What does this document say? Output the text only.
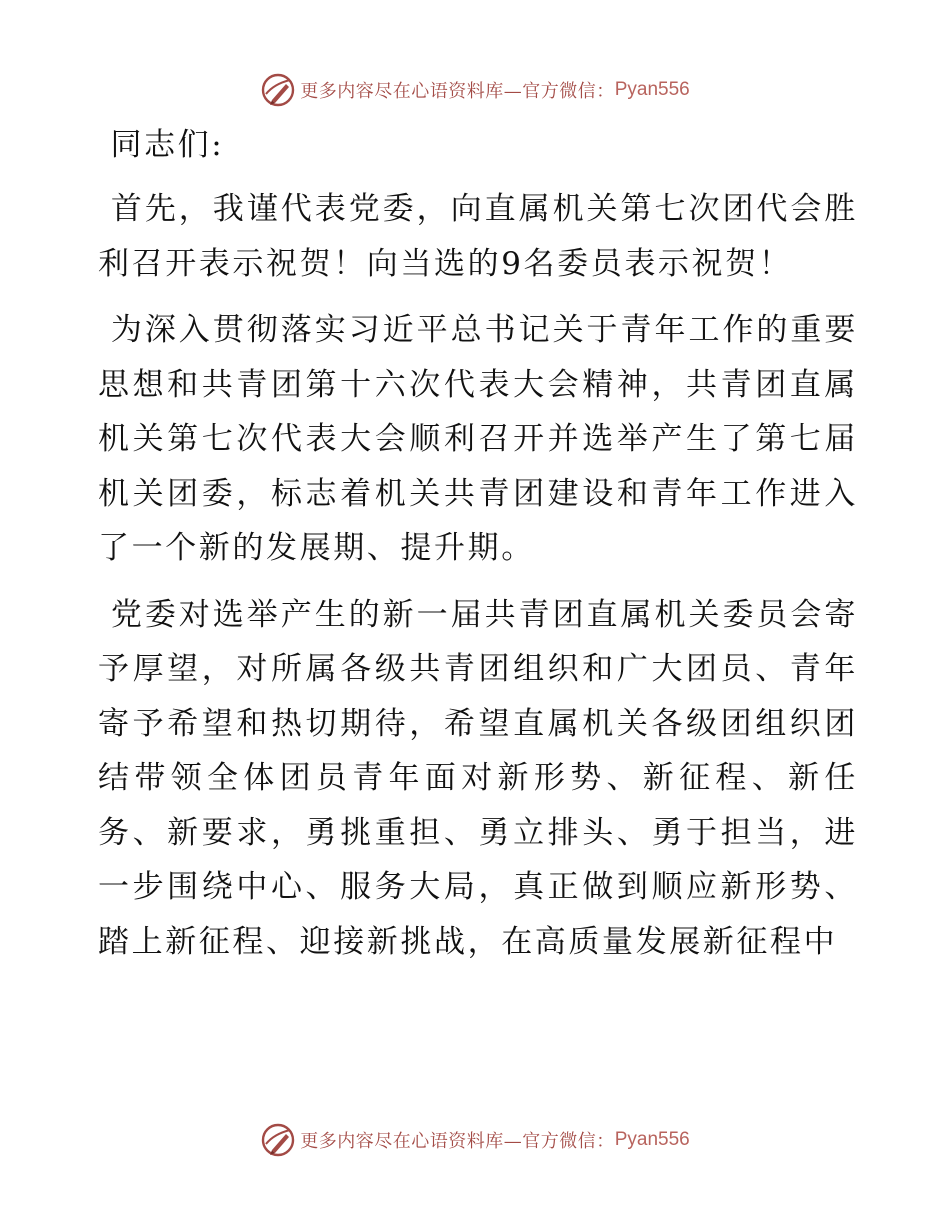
更多内容尽在心语资料库—官方微信： Pyan556

同志们:

首先，我谨代表党委，向直属机关第七次团代会胜利召开表示祝贺！向当选的9名委员表示祝贺！

为深入贯彻落实习近平总书记关于青年工作的重要思想和共青团第十六次代表大会精神，共青团直属机关第七次代表大会顺利召开并选举产生了第七届机关团委，标志着机关共青团建设和青年工作进入了一个新的发展期、提升期。

党委对选举产生的新一届共青团直属机关委员会寄予厚望，对所属各级共青团组织和广大团员、青年寄予希望和热切期待，希望直属机关各级团组织团结带领全体团员青年面对新形势、新征程、新任务、新要求，勇挑重担、勇立排头、勇于担当，进一步围绕中心、服务大局，真正做到顺应新形势、踏上新征程、迎接新挑战，在高质量发展新征程中

更多内容尽在心语资料库—官方微信： Pyan556
